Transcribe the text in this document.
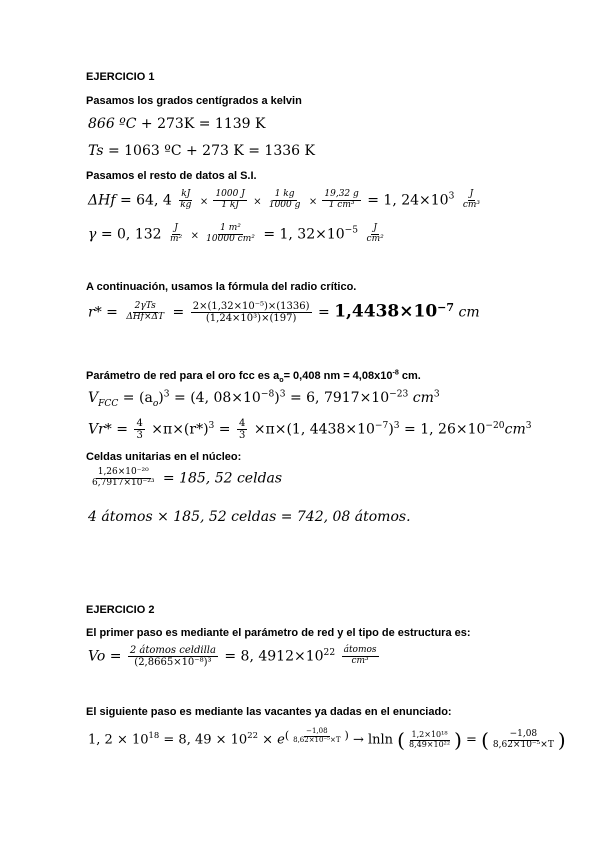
EJERCICIO 1
Pasamos los grados centígrados a kelvin
866 ºC + 273K = 1139 K
Ts = 1063 ºC + 273 K = 1336 K
Pasamos el resto de datos al S.I.
ΔHf = 64, $4 \frac{kJ}{kg} \times \frac{1000 J}{1 kJ} \times \frac{1 kg}{1000 g} \times \frac{19,32 g}{\text{1 cm³}} = 1$, $24\times 10^3 \frac{J}{\text{cm³}}$
γ = 0, $132 \frac{J}{\text{m²}} \times \frac{\text{1 m²}}{\text{10000 cm²}} = 1$, $32\times 10^{-5} \frac{J}{\text{cm²}}$
A continuación, usamos la fórmula del radio crítico.
$r* = \frac{\text{2γTs}}{\text{ΔHf×ΔT}} = \frac{\text{2×(1,32×10⁻⁵)×(1336)}}{\text{(1,24×10³)×(197)}} = 1,4438\times 10^{-7}$ cm
Parámetro de red para el oro fcc es $a_o= 0,408$ nm = $4,08x10^{-8}$ cm.
$V_{FCC} = (a_o)^3 = (4$, $08\times 10^{-8})^3 = 6$, $7917\times 10^{-23}$ $cm^3$
$Vr* = \frac{4}{3} \times\pi\times(r*)^3 = \frac{4}{3} \times\pi\times(1$, $4438\times 10^{-7})^3 = 1$, $26\times 10^{-20}cm^3$
Celdas unitarias en el núcleo:
$\frac{\text{1,26×10⁻²⁰}}{\text{6,7917×10⁻²³}} = 185$, 52 celdas
4 átomos × 185, 52 celdas = 742, 08 átomos.
EJERCICIO 2
El primer paso es mediante el parámetro de red y el tipo de estructura es:
$Vo = \frac{\text{2 átomos celdilla}}{\text{(2,8665×10⁻⁸)³}} = 8$, $4912\times 10^{22} \frac{\text{átomos}}{\text{cm³}}$
El siguiente paso es mediante las vacantes ya dadas en el enunciado:
1, $2 \times 10^{18} = 8$, $49 \times 10^{22} \times e^{( \frac{-1,08}{\text{8,62×10⁻⁵×T}} )} \to lnln$ ( $\frac{\text{1,2×10¹⁸}}{\text{8,49×10²²}}$ ) = ( $\frac{-1,08}{\text{8,62×10⁻⁵×T}}$ )
